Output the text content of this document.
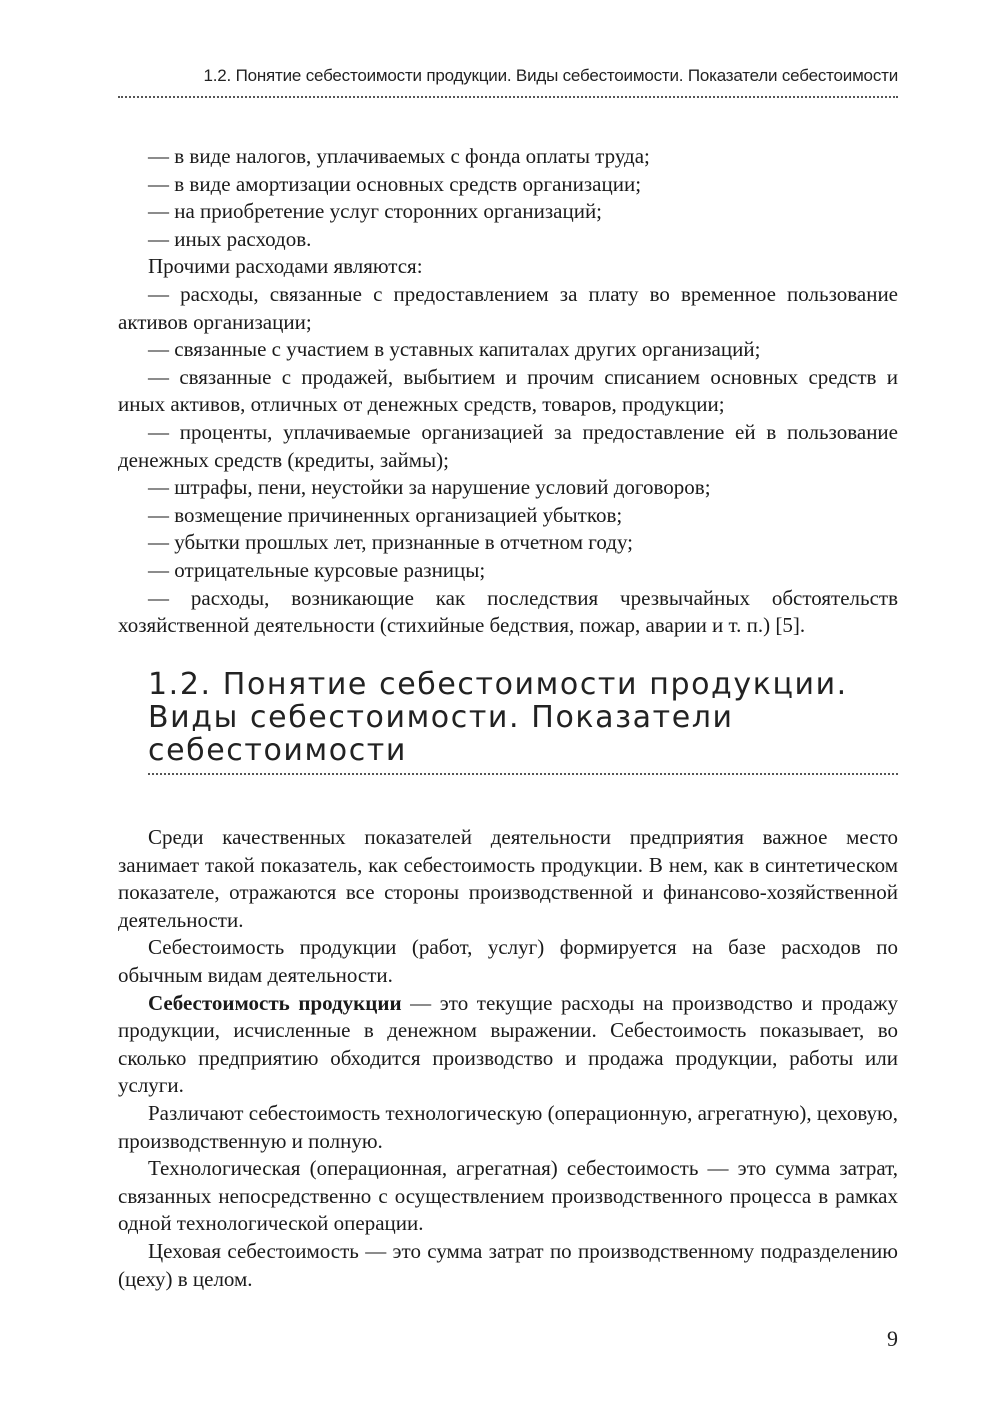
1.2. Понятие себестоимости продукции. Виды себестоимости. Показатели себестоимости

— в виде налогов, уплачиваемых с фонда оплаты труда;

— в виде амортизации основных средств организации;

— на приобретение услуг сторонних организаций;

— иных расходов.

Прочими расходами являются:

— расходы, связанные с предоставлением за плату во временное пользование активов организации;

— связанные с участием в уставных капиталах других организаций;

— связанные с продажей, выбытием и прочим списанием основных средств и иных активов, отличных от денежных средств, товаров, продукции;

— проценты, уплачиваемые организацией за предоставление ей в пользование денежных средств (кредиты, займы);

— штрафы, пени, неустойки за нарушение условий договоров;

— возмещение причиненных организацией убытков;

— убытки прошлых лет, признанные в отчетном году;

— отрицательные курсовые разницы;

— расходы, возникающие как последствия чрезвычайных обстоятельств хозяйственной деятельности (стихийные бедствия, пожар, аварии и т. п.) [5].

1.2. Понятие себестоимости продукции.
Виды себестоимости. Показатели
себестоимости

Среди качественных показателей деятельности предприятия важное место занимает такой показатель, как себестоимость продукции. В нем, как в синтетическом показателе, отражаются все стороны производственной и финансово-хозяйственной деятельности.

Себестоимость продукции (работ, услуг) формируется на базе расходов по обычным видам деятельности.

Себестоимость продукции — это текущие расходы на производство и продажу продукции, исчисленные в денежном выражении. Себестоимость показывает, во сколько предприятию обходится производство и продажа продукции, работы или услуги.

Различают себестоимость технологическую (операционную, агрегатную), цеховую, производственную и полную.

Технологическая (операционная, агрегатная) себестоимость — это сумма затрат, связанных непосредственно с осуществлением производственного процесса в рамках одной технологической операции.

Цеховая себестоимость — это сумма затрат по производственному подразделению (цеху) в целом.

9
